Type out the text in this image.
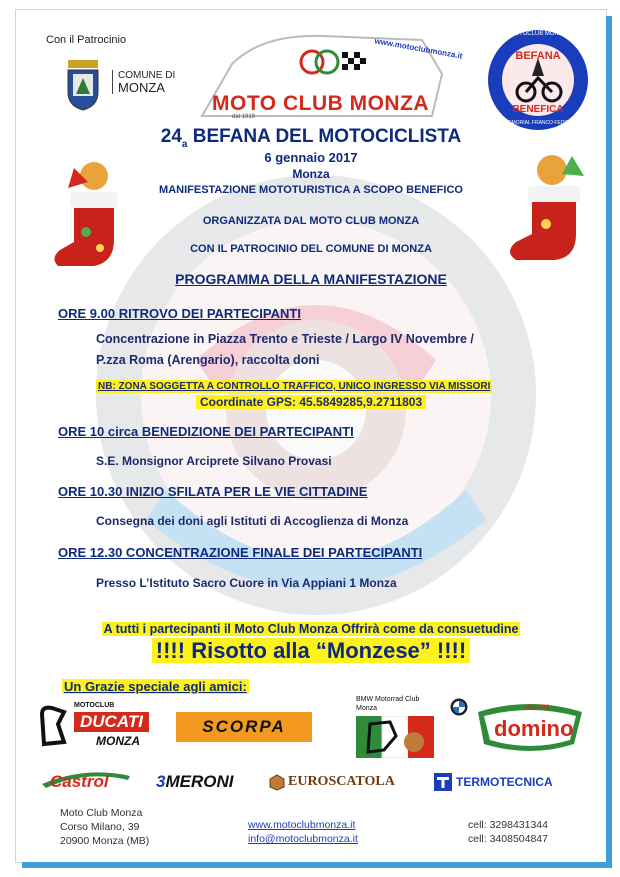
Con il Patrocinio
COMUNE DI
MONZA
www.motoclubmonza.it
MOTO CLUB MONZA
dal 1919
MOTOCLUB MONZA
BEFANA
BENEFICA
MEMORIAL FRANCO FEDELI
$24_a$ BEFANA DEL MOTOCICLISTA
6 gennaio 2017
Monza
MANIFESTAZIONE MOTOTURISTICA A SCOPO BENEFICO
ORGANIZZATA DAL MOTO CLUB MONZA
CON IL PATROCINIO DEL COMUNE DI MONZA
PROGRAMMA DELLA MANIFESTAZIONE
ORE 9.00 RITROVO DEI PARTECIPANTI
Concentrazione in Piazza Trento e Trieste / Largo IV Novembre /
P.zza Roma (Arengario), raccolta doni
NB: ZONA SOGGETTA A CONTROLLO TRAFFICO, UNICO INGRESSO VIA MISSORI
Coordinate GPS: 45.5849285,9.2711803
ORE 10 circa BENEDIZIONE DEI PARTECIPANTI
S.E. Monsignor Arciprete Silvano Provasi
ORE 10.30 INIZIO SFILATA PER LE VIE CITTADINE
Consegna dei doni agli Istituti di Accoglienza di Monza
ORE 12.30 CONCENTRAZIONE FINALE DEI PARTECIPANTI
Presso L’Istituto Sacro Cuore in Via Appiani 1 Monza
A tutti i partecipanti il Moto Club Monza Offrirà come da consuetudine
!!!! Risotto alla “Monzese” !!!!
Un Grazie speciale agli amici:
MOTOCLUB
DUCATI
MONZA
SCORPA
BMW Motorrad Club
Monza	RACING
domino
Castrol	3MERONI	EUROSCATOLA	TERMOTECNICA
Moto Club Monza
Corso Milano, 39
20900 Monza (MB)
www.motoclubmonza.it
info@motoclubmonza.it
cell: 3298431344
cell: 3408504847
